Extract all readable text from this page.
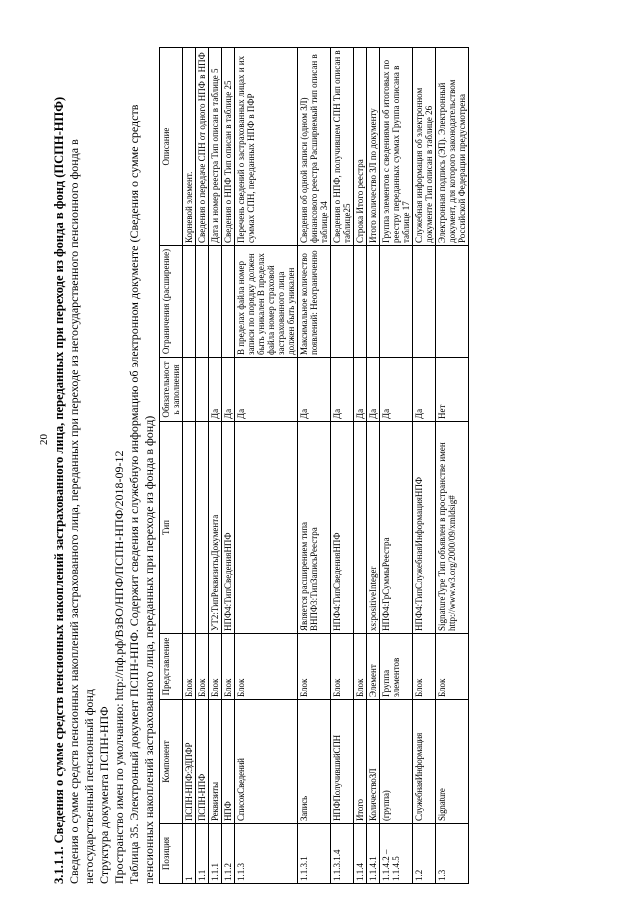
20 3.1.1.1. Сведения о сумме средств пенсионных накоплений застрахованного лица, переданных при переходе из фонда в фонд (ПСПН-НПФ) Сведения о сумме средств пенсионных накоплений застрахованного лица, переданных при переходе из негосударственного пенсионного фонда в негосударственный пенсионный фонд Структура документа ПСПН-НПФ Пространство имен по умолчанию: http://пф.рф/ВзВО/НПФ/ПСПН-НПФ/2018-09-12 Таблица 35. Электронный документ ПСПН-НПФ. Содержит сведения и служебную информацию об электронном документе (Сведения о сумме средств пенсионных накоплений застрахованного лица, переданных при переходе из фонда в фонд) Позиция	Компонент	Представление	Тип	Обязательность заполнения	Ограничения (расширение)	Описание
1	ПСПН-НПФ:ЭДПФР	Блок				Корневой элемент.
1.1	ПСПН-НПФ	Блок				Сведения о передаче СПН от одного НПФ в НПФ
1.1.1	Реквизиты	Блок	УТ2:ТипРеквизитыДокумента	Да		Дата и номер реестра Тип описан в таблице 5
1.1.2	НПФ	Блок	НПФ4:ТипСведенияНПФ	Да		Сведения о НПФ Тип описан в таблице 25
1.1.3	СписокСведений	Блок		Да	В пределах файла номер записи по порядку должен быть уникален В пределах файла номер страховой застрахованного лица должен быть уникален	Перечень сведений о застрахованных лицах и их суммах СПН, переданных НПФ в ПФР
1.1.3.1	Запись	Блок	Является расширением типа ВНПФ3:ТипЗаписьРеестра	Да	Максимальное количество появлений: Неограниченно	Сведения об одной записи (одном ЗЛ) финансового реестра Расширяемый тип описан в таблице 34
1.1.3.1.4	НПФПолучившийСПН	Блок	НПФ4:ТипСведенияНПФ	Да		Сведения о НПФ, получившем СПН Тип описан в таблице25
1.1.4	Итого	Блок		Да		Строка Итого реестра
1.1.4.1	КоличествоЗЛ	Элемент	xs:positiveInteger	Да		Итого количество ЗЛ по документу
1.1.4.2 – 1.1.4.5	(группа)	Группа элементов	НПФ4:ГрСуммыРеестра	Да		Группа элементов с сведениями об итоговых по реестру переданных суммах Группа описана в таблице 17
1.2	СлужебнаяИнформация	Блок	НПФ4:ТипСлужебнаяИнформацияНПФ	Да		Служебная информация об электронном документе Тип описан в таблице 26
1.3	Signature	Блок	SignatureType Тип объявлен в пространстве имен http://www.w3.org/2000/09/xmldsig#	Нет		Электронная подпись (ЭП). Электронный документ, для которого законодательством Российской Федерации предусмотрена
